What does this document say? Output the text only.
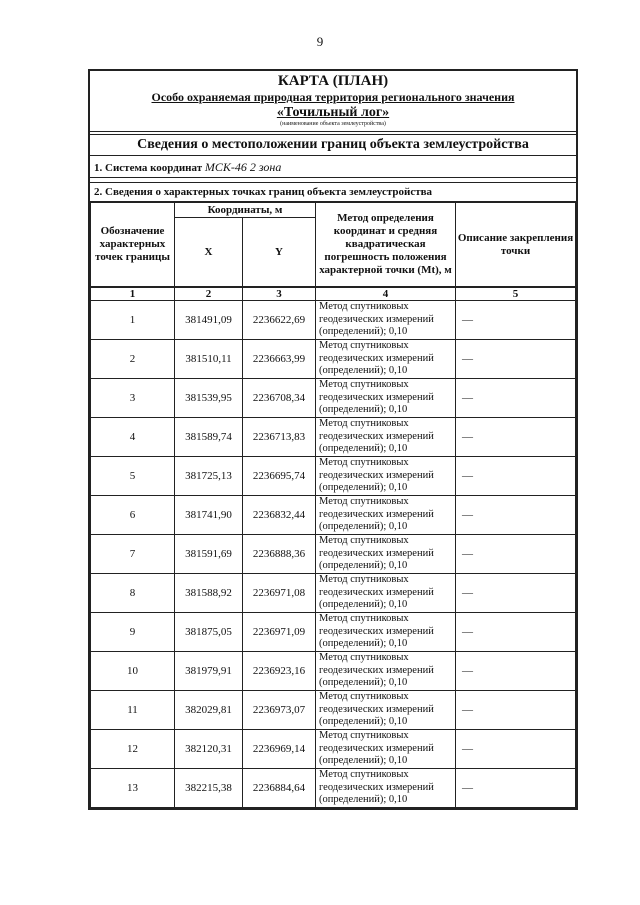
9
КАРТА (ПЛАН)
Особо охраняемая природная территория регионального значения
«Точильный лог»
(наименование объекта землеустройства)
Сведения о местоположении границ объекта землеустройства
1. Система координат МСК-46 2 зона
2. Сведения о характерных точках границ объекта землеустройства
Обозначение характерных точек границы	Координаты, м		Метод определения координат и средняя квадратическая погрешность положения характерной точки (Mt), м	Описание закрепления точки
	X	Y		
1	2	3	4	5
1	381491,09	2236622,69	Метод спутниковых геодезических измерений (определений); 0,10	—
2	381510,11	2236663,99	Метод спутниковых геодезических измерений (определений); 0,10	—
3	381539,95	2236708,34	Метод спутниковых геодезических измерений (определений); 0,10	—
4	381589,74	2236713,83	Метод спутниковых геодезических измерений (определений); 0,10	—
5	381725,13	2236695,74	Метод спутниковых геодезических измерений (определений); 0,10	—
6	381741,90	2236832,44	Метод спутниковых геодезических измерений (определений); 0,10	—
7	381591,69	2236888,36	Метод спутниковых геодезических измерений (определений); 0,10	—
8	381588,92	2236971,08	Метод спутниковых геодезических измерений (определений); 0,10	—
9	381875,05	2236971,09	Метод спутниковых геодезических измерений (определений); 0,10	—
10	381979,91	2236923,16	Метод спутниковых геодезических измерений (определений); 0,10	—
11	382029,81	2236973,07	Метод спутниковых геодезических измерений (определений); 0,10	—
12	382120,31	2236969,14	Метод спутниковых геодезических измерений (определений); 0,10	—
13	382215,38	2236884,64	Метод спутниковых геодезических измерений (определений); 0,10	—
